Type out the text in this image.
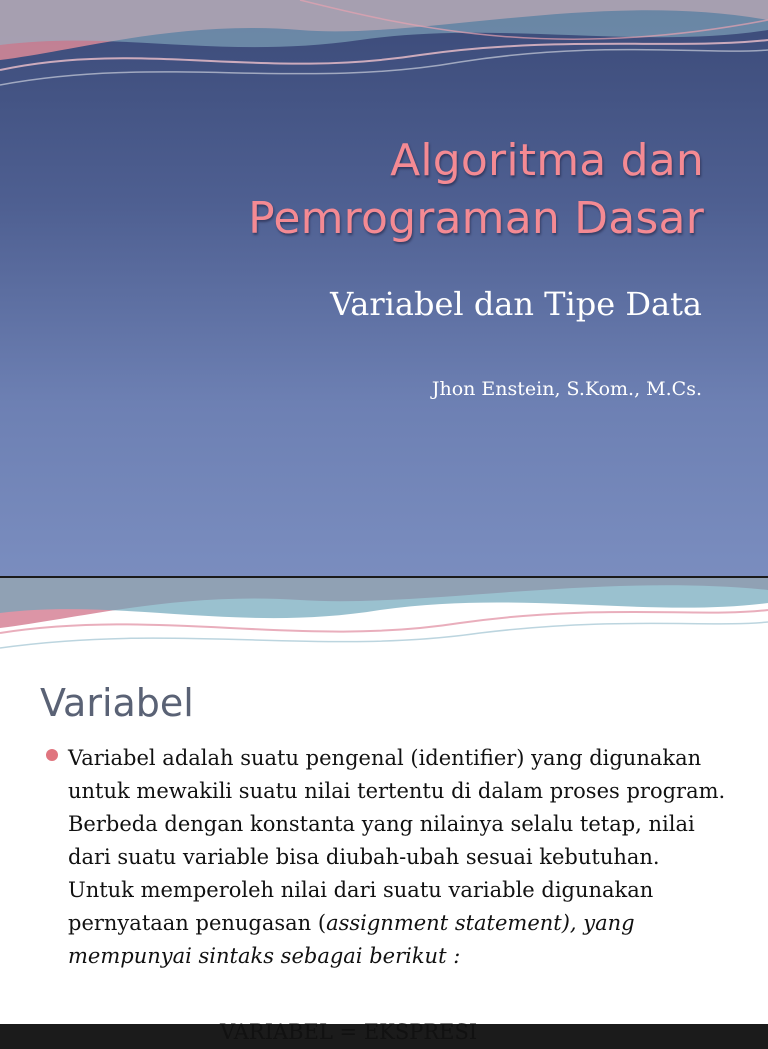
Algoritma dan
Pemrograman Dasar
Variabel dan Tipe Data
Jhon Enstein, S.Kom., M.Cs.
Variabel
Variabel adalah suatu pengenal (identifier) yang digunakan untuk mewakili suatu nilai tertentu di dalam proses program. Berbeda dengan konstanta yang nilainya selalu tetap, nilai dari suatu variable bisa diubah-ubah sesuai kebutuhan. Untuk memperoleh nilai dari suatu variable digunakan pernyataan penugasan (assignment statement), yang mempunyai sintaks sebagai berikut :
VARIABEL = EKSPRESI
